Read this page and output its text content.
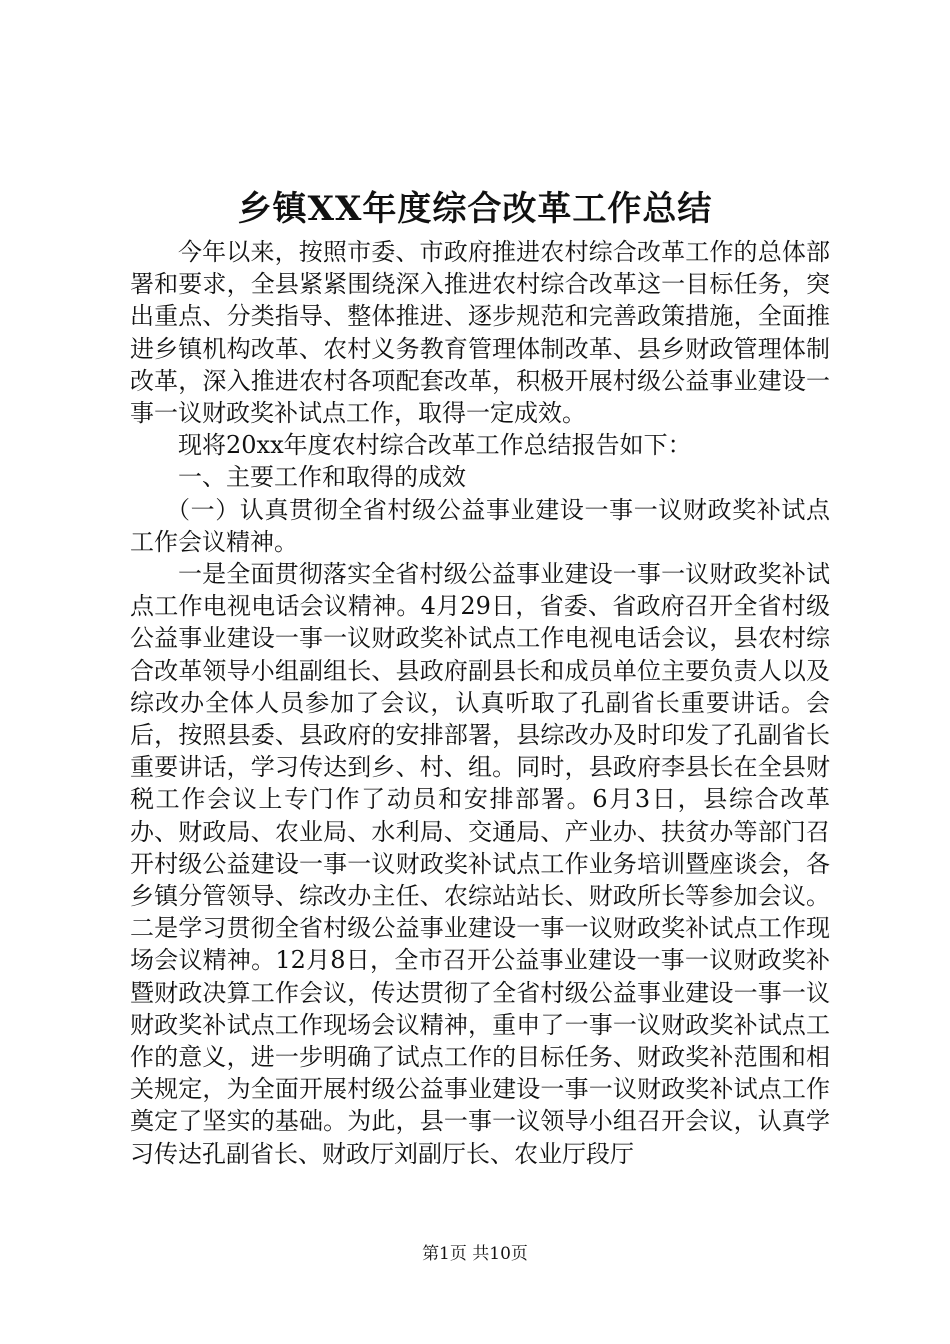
乡镇XX年度综合改革工作总结

今年以来，按照市委、市政府推进农村综合改革工作的总体部署和要求，全县紧紧围绕深入推进农村综合改革这一目标任务，突出重点、分类指导、整体推进、逐步规范和完善政策措施，全面推进乡镇机构改革、农村义务教育管理体制改革、县乡财政管理体制改革，深入推进农村各项配套改革，积极开展村级公益事业建设一事一议财政奖补试点工作，取得一定成效。

现将20xx年度农村综合改革工作总结报告如下：

一、主要工作和取得的成效

（一）认真贯彻全省村级公益事业建设一事一议财政奖补试点工作会议精神。

一是全面贯彻落实全省村级公益事业建设一事一议财政奖补试点工作电视电话会议精神。4月29日，省委、省政府召开全省村级公益事业建设一事一议财政奖补试点工作电视电话会议，县农村综合改革领导小组副组长、县政府副县长和成员单位主要负责人以及综改办全体人员参加了会议，认真听取了孔副省长重要讲话。会后，按照县委、县政府的安排部署，县综改办及时印发了孔副省长重要讲话，学习传达到乡、村、组。同时，县政府李县长在全县财税工作会议上专门作了动员和安排部署。6月3日，县综合改革办、财政局、农业局、水利局、交通局、产业办、扶贫办等部门召开村级公益建设一事一议财政奖补试点工作业务培训暨座谈会，各乡镇分管领导、综改办主任、农综站站长、财政所长等参加会议。二是学习贯彻全省村级公益事业建设一事一议财政奖补试点工作现场会议精神。12月8日，全市召开公益事业建设一事一议财政奖补暨财政决算工作会议，传达贯彻了全省村级公益事业建设一事一议财政奖补试点工作现场会议精神，重申了一事一议财政奖补试点工作的意义，进一步明确了试点工作的目标任务、财政奖补范围和相关规定，为全面开展村级公益事业建设一事一议财政奖补试点工作奠定了坚实的基础。为此，县一事一议领导小组召开会议，认真学习传达孔副省长、财政厅刘副厅长、农业厅段厅

第1页 共10页
